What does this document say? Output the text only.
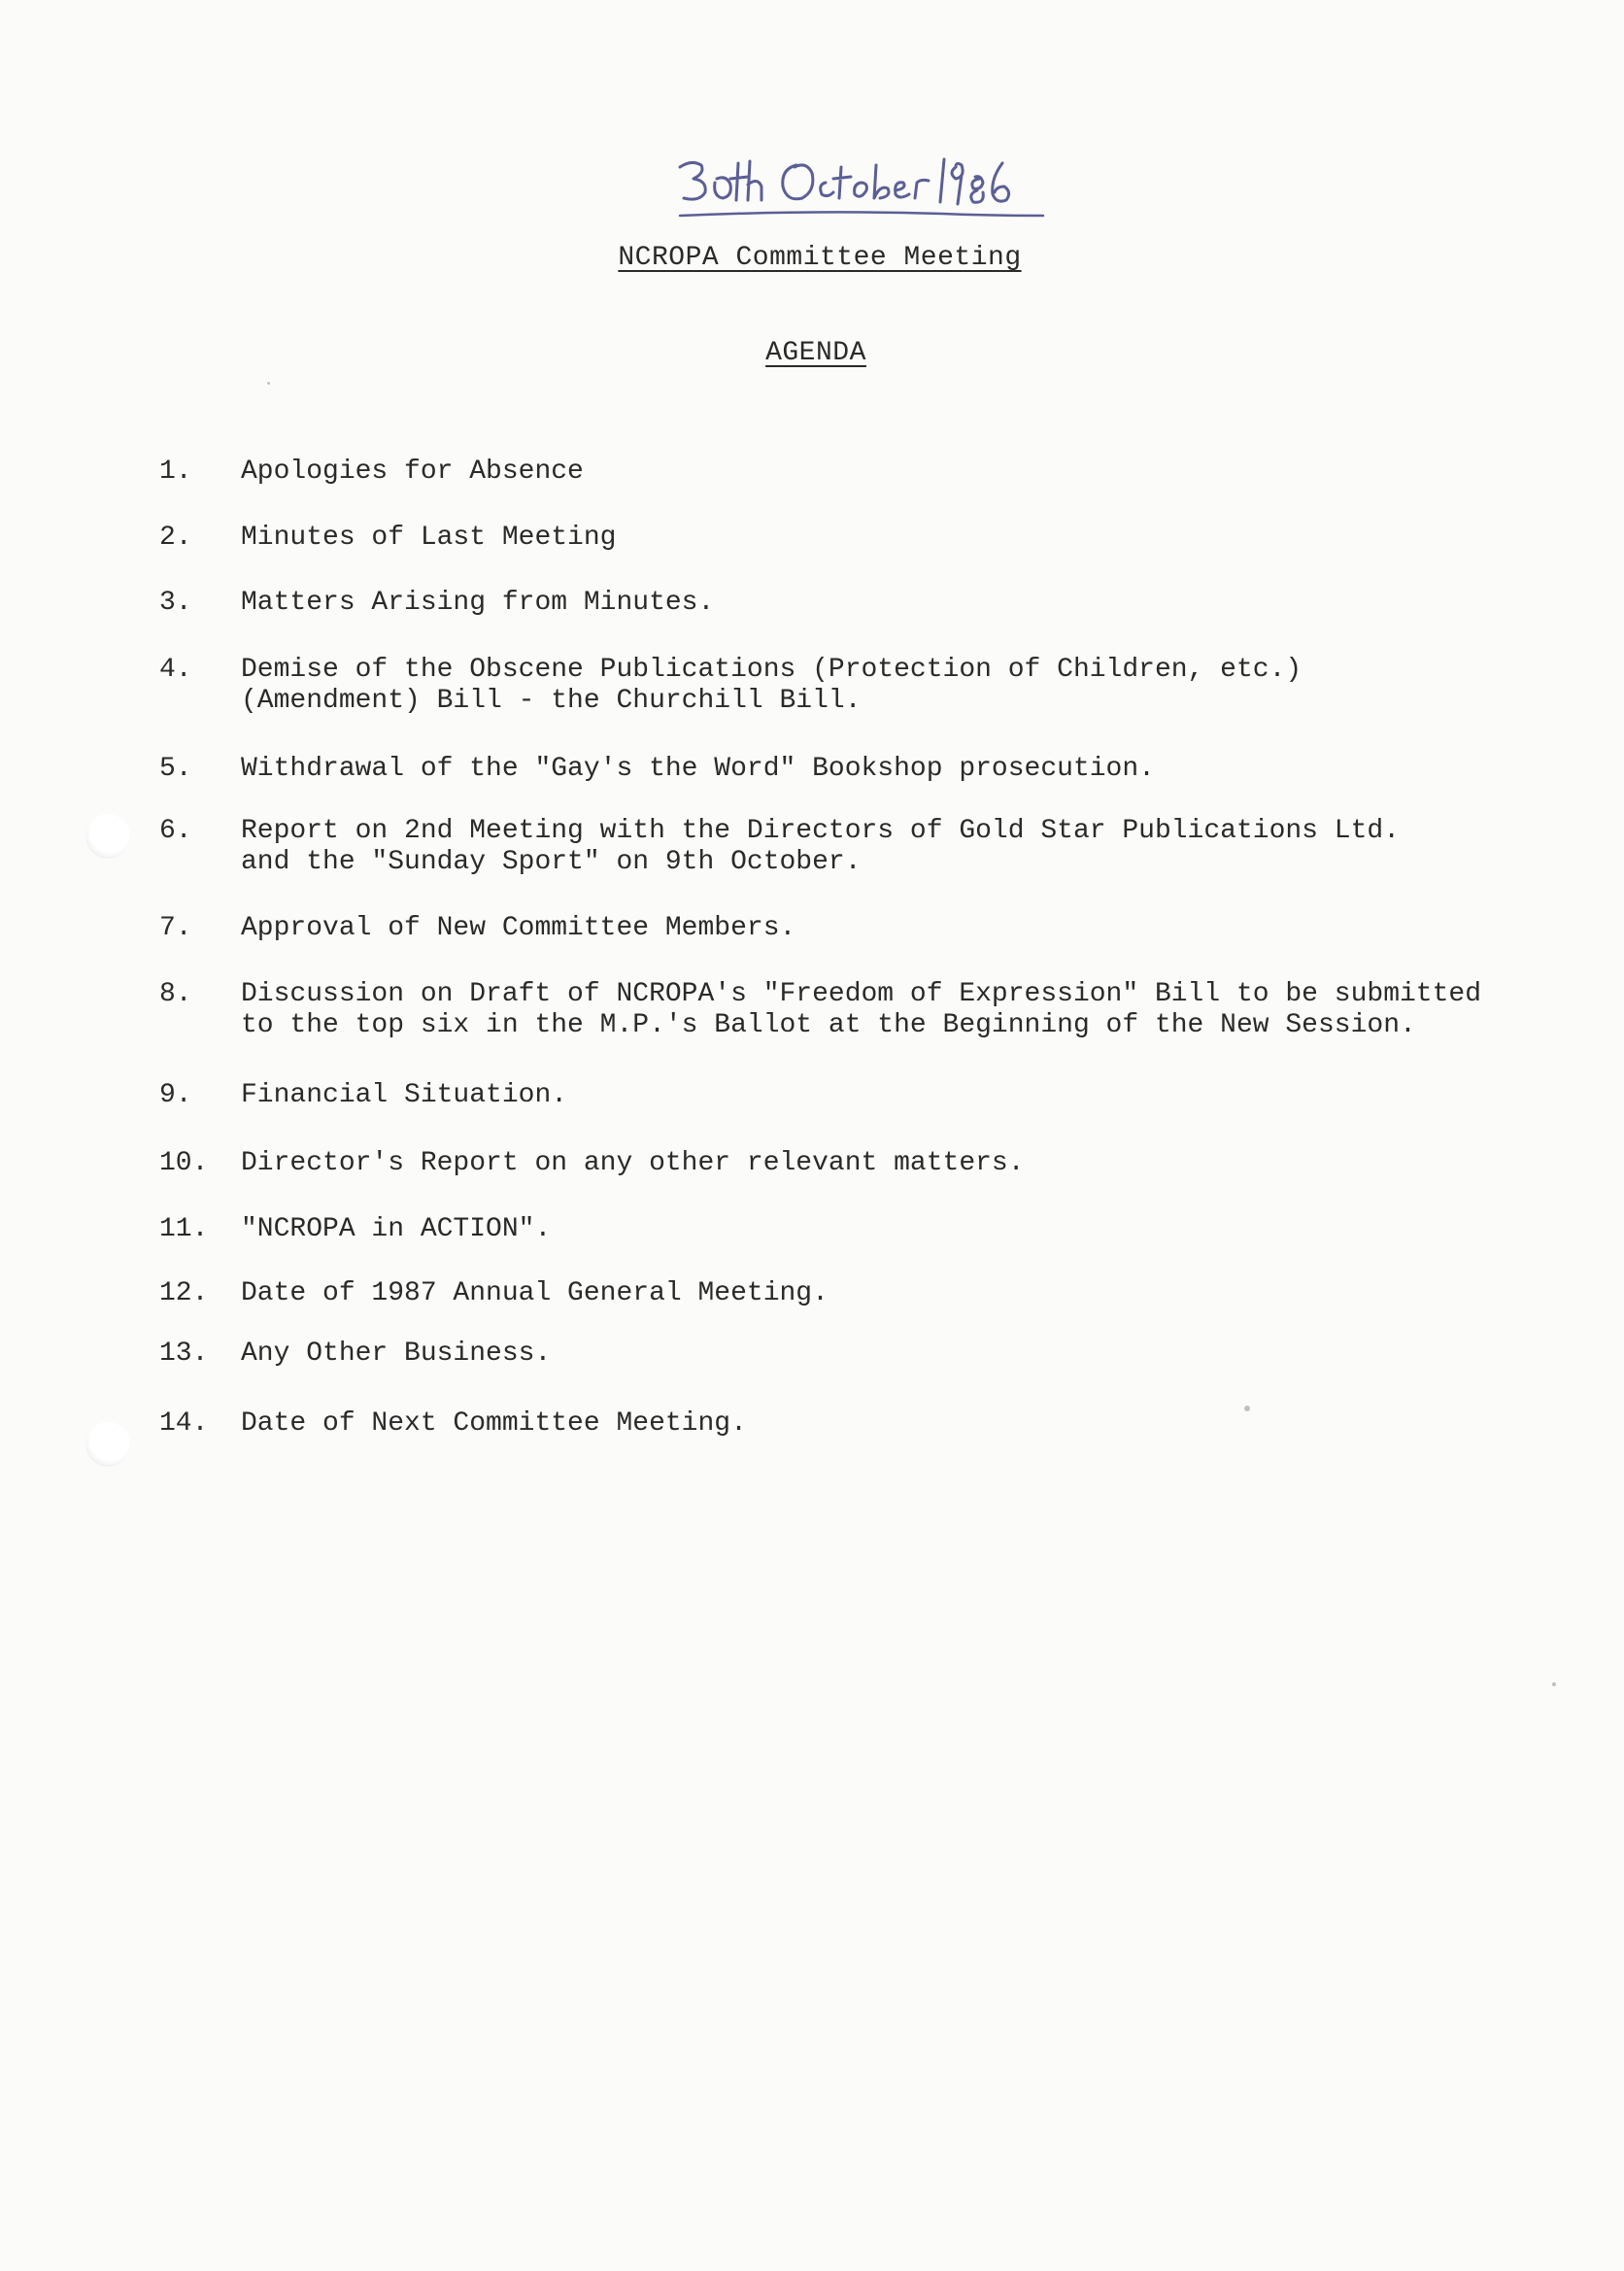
NCROPA Committee Meeting
AGENDA
1.	Apologies for Absence
2.	Minutes of Last Meeting
3.	Matters Arising from Minutes.
4.	Demise of the Obscene Publications (Protection of Children, etc.)
(Amendment) Bill - the Churchill Bill.
5.	Withdrawal of the "Gay's the Word" Bookshop prosecution.
6.	Report on 2nd Meeting with the Directors of Gold Star Publications Ltd.
and the "Sunday Sport" on 9th October.
7.	Approval of New Committee Members.
8.	Discussion on Draft of NCROPA's "Freedom of Expression" Bill to be submitted
to the top six in the M.P.'s Ballot at the Beginning of the New Session.
9.	Financial Situation.
10.	Director's Report on any other relevant matters.
11.	"NCROPA in ACTION".
12.	Date of 1987 Annual General Meeting.
13.	Any Other Business.
14.	Date of Next Committee Meeting.
